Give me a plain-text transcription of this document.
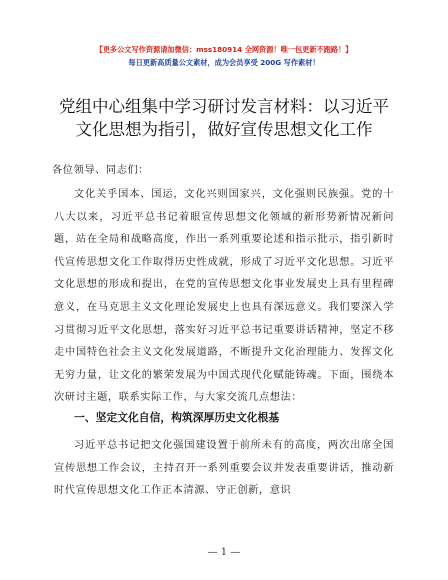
【更多公文写作资源请加微信：mss180914 全网资源！唯一包更新不跑路！】
每日更新高质量公文素材，成为会员享受 200G 写作素材！
党组中心组集中学习研讨发言材料：以习近平
文化思想为指引，做好宣传思想文化工作
各位领导、同志们：
文化关乎国本、国运，文化兴则国家兴，文化强则民族强。党的十八大以来，习近平总书记着眼宣传思想文化领域的新形势新情况新问题，站在全局和战略高度，作出一系列重要论述和指示批示，指引新时代宣传思想文化工作取得历史性成就，形成了习近平文化思想。习近平文化思想的形成和提出，在党的宣传思想文化事业发展史上具有里程碑意义，在马克思主义文化理论发展史上也具有深远意义。我们要深入学习贯彻习近平文化思想，落实好习近平总书记重要讲话精神，坚定不移走中国特色社会主义文化发展道路，不断提升文化治理能力、发挥文化无穷力量，让文化的繁荣发展为中国式现代化赋能铸魂。下面，围绕本次研讨主题，联系实际工作，与大家交流几点想法：
一、坚定文化自信，构筑深厚历史文化根基
习近平总书记把文化强国建设置于前所未有的高度，两次出席全国宣传思想工作会议，主持召开一系列重要会议并发表重要讲话，推动新时代宣传思想文化工作正本清源、守正创新，意识
— 1 —
